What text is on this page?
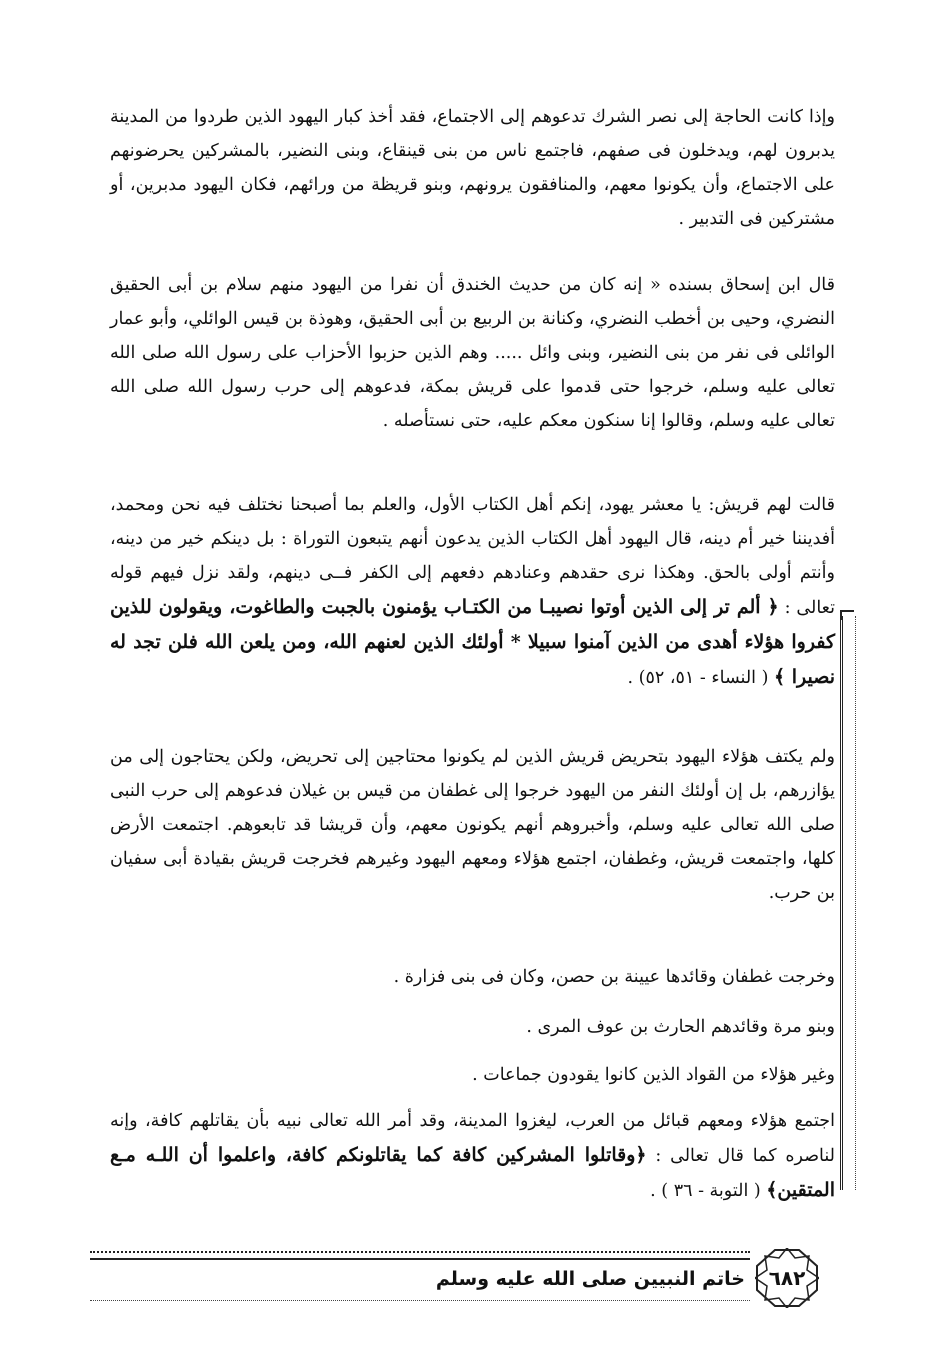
وإذا كانت الحاجة إلى نصر الشرك تدعوهم إلى الاجتماع، فقد أخذ كبار اليهود الذين طردوا من المدينة يدبرون لهم، ويدخلون فى صفهم، فاجتمع ناس من بنى قينقاع، وبنى النضير، بالمشركين يحرضونهم على الاجتماع، وأن يكونوا معهم، والمنافقون يرونهم، وبنو قريظة من ورائهم، فكان اليهود مدبرين، أو مشتركين فى التدبير .

قال ابن إسحاق بسنده « إنه كان من حديث الخندق أن نفرا من اليهود منهم سلام بن أبى الحقيق النضري، وحيى بن أخطب النضري، وكنانة بن الربيع بن أبى الحقيق، وهوذة بن قيس الوائلي، وأبو عمار الوائلى فى نفر من بنى النضير، وبنى وائل ..... وهم الذين حزبوا الأحزاب على رسول الله صلى الله تعالى عليه وسلم، خرجوا حتى قدموا على قريش بمكة، فدعوهم إلى حرب رسول الله صلى الله تعالى عليه وسلم، وقالوا إنا سنكون معكم عليه، حتى نستأصله .

قالت لهم قريش: يا معشر يهود، إنكم أهل الكتاب الأول، والعلم بما أصبحنا نختلف فيه نحن ومحمد، أفديننا خير أم دينه، قال اليهود أهل الكتاب الذين يدعون أنهم يتبعون التوراة : بل دينكم خير من دينه، وأنتم أولى بالحق. وهكذا نرى حقدهم وعنادهم دفعهم إلى الكفر فــى دينهم، ولقد نزل فيهم قوله تعالى : ﴿ ألم تر إلى الذين أوتوا نصيبـا من الكتـاب يؤمنون بالجبت والطاغوت، ويقولون للذين كفروا هؤلاء أهدى من الذين آمنوا سبيلا * أولئك الذين لعنهم الله، ومن يلعن الله فلن تجد له نصيرا ﴾ ( النساء - ٥١، ٥٢) .

ولم يكتف هؤلاء اليهود بتحريض قريش الذين لم يكونوا محتاجين إلى تحريض، ولكن يحتاجون إلى من يؤازرهم، بل إن أولئك النفر من اليهود خرجوا إلى غطفان من قيس بن غيلان فدعوهم إلى حرب النبى صلى الله تعالى عليه وسلم، وأخبروهم أنهم يكونون معهم، وأن قريشا قد تابعوهم. اجتمعت الأرض كلها، واجتمعت قريش، وغطفان، اجتمع هؤلاء ومعهم اليهود وغيرهم فخرجت قريش بقيادة أبى سفيان بن حرب.

وخرجت غطفان وقائدها عيينة بن حصن، وكان فى بنى فزارة .

وبنو مرة وقائدهم الحارث بن عوف المرى .

وغير هؤلاء من القواد الذين كانوا يقودون جماعات .

اجتمع هؤلاء ومعهم قبائل من العرب، ليغزوا المدينة، وقد أمر الله تعالى نبيه بأن يقاتلهم كافة، وإنه لناصره كما قال تعالى : ﴿وقاتلوا المشركين كافة كما يقاتلونكم كافة، واعلموا أن اللـه مـع المتقين﴾ ( التوبة - ٣٦ ) .

خاتم النبيين صلى الله عليه وسلم	٦٨٢
